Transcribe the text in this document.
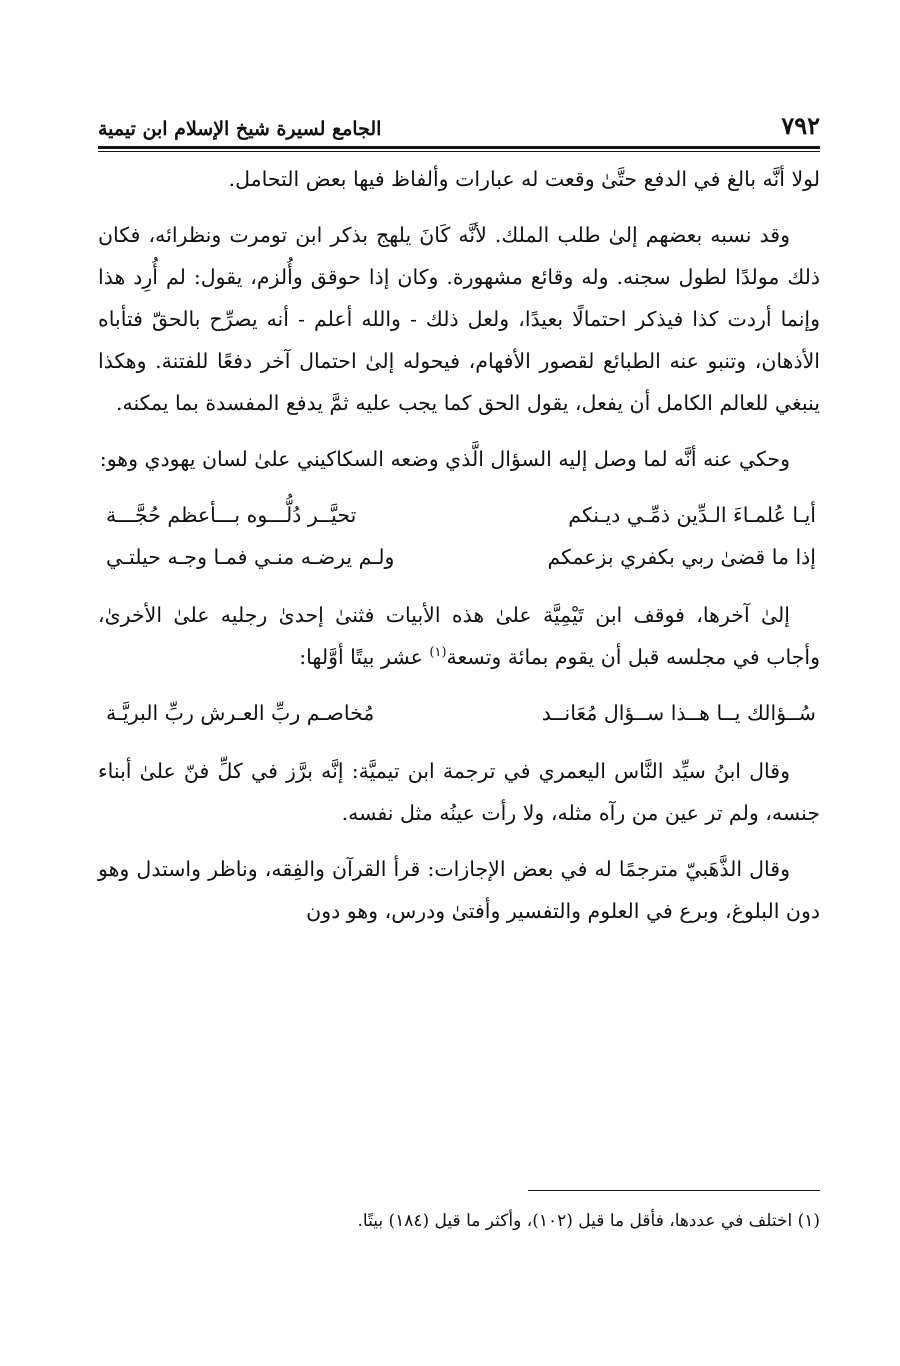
٧٩٢
الجامع لسيرة شيخ الإسلام ابن تيمية

لولا أنَّه بالغ في الدفع حتَّىٰ وقعت له عبارات وألفاظ فيها بعض التحامل.

وقد نسبه بعضهم إلىٰ طلب الملك. لأنَّه كَانَ يلهج بذكر ابن تومرت ونظرائه، فكان ذلك مولدًا لطول سجنه. وله وقائع مشهورة. وكان إذا حوقق وأُلزم، يقول: لم أُرِد هذا وإنما أردت كذا فيذكر احتمالًا بعيدًا، ولعل ذلك - والله أعلم - أنه يصرِّح بالحقّ فتأباه الأذهان، وتنبو عنه الطبائع لقصور الأفهام، فيحوله إلىٰ احتمال آخر دفعًا للفتنة. وهكذا ينبغي للعالم الكامل أن يفعل، يقول الحق كما يجب عليه ثمَّ يدفع المفسدة بما يمكنه.

وحكي عنه أنَّه لما وصل إليه السؤال الَّذي وضعه السكاكيني علىٰ لسان يهودي وهو:

أيـا عُلمـاءَ الـدِّين ذمِّـي ديـنكم
تحيَّــر دُلُّـــوه بـــأعظم حُجَّـــة
إذا ما قضىٰ ربي بكفري بزعمكم
ولـم يرضـه منـي فمـا وجـه حيلتـي

إلىٰ آخرها، فوقف ابن تَيْمِيَّة علىٰ هذه الأبيات فثنىٰ إحدىٰ رجليه علىٰ الأخرىٰ، وأجاب في مجلسه قبل أن يقوم بمائة وتسعة$^{(١)}$ عشر بيتًا أوَّلها:

سُــؤالك يــا هــذا ســؤال مُعَانــد
مُخاصـم ربِّ العـرش ربِّ البريَّـة

وقال ابنُ سيِّد النَّاس اليعمري في ترجمة ابن تيميَّة: إنَّه برَّز في كلِّ فنّ علىٰ أبناء جنسه، ولم تر عين من رآه مثله، ولا رأت عينُه مثل نفسه.

وقال الذَّهَبيّ مترجمًا له في بعض الإجازات: قرأ القرآن والفِقه، وناظر واستدل وهو دون البلوغ، وبرع في العلوم والتفسير وأفتىٰ ودرس، وهو دون

(١) اختلف في عددها، فأقل ما قيل (١٠٢)، وأكثر ما قيل (١٨٤) بيتًا.
